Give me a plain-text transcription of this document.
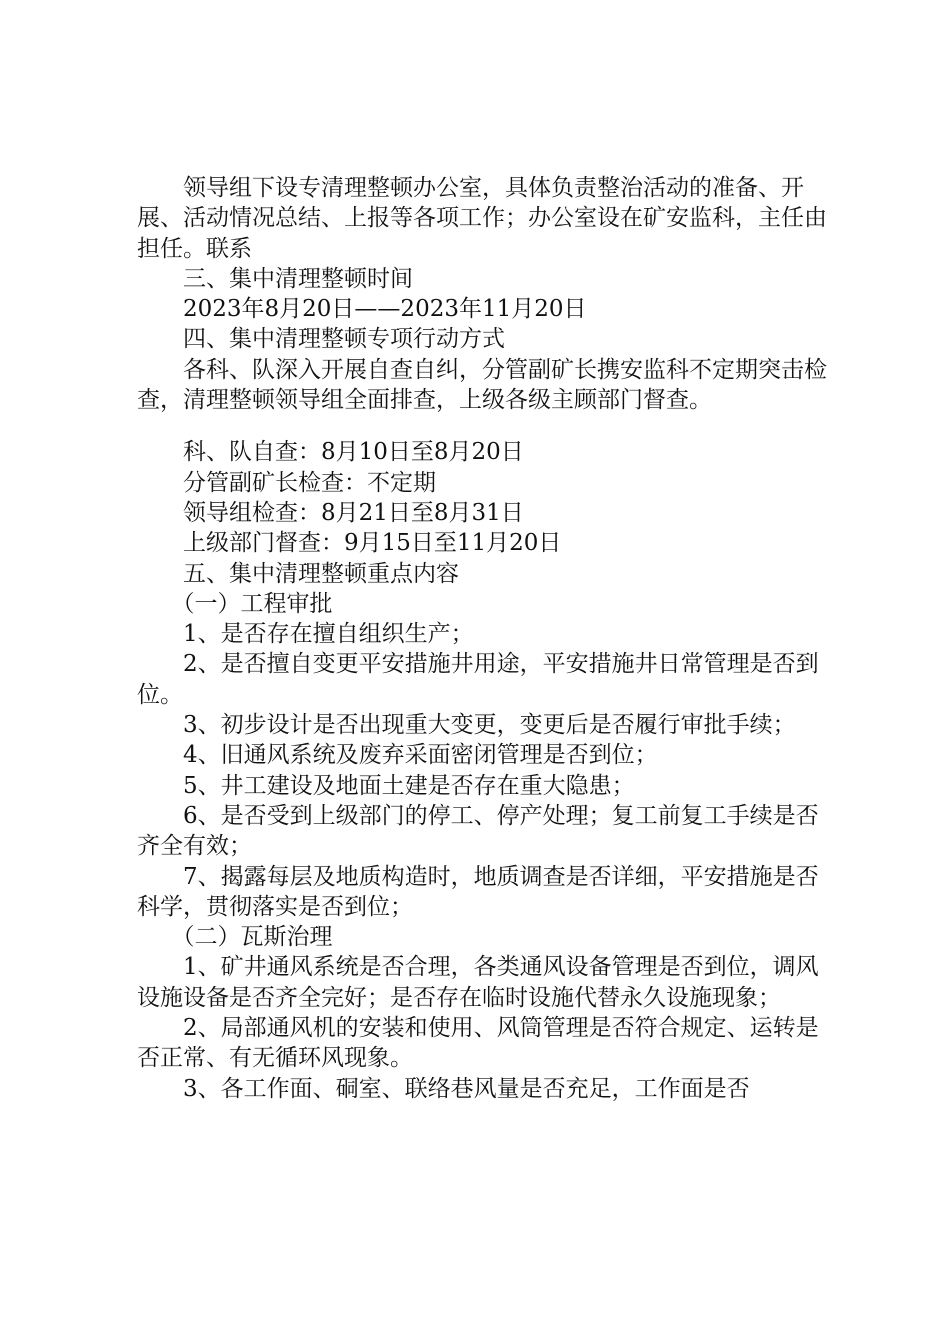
领导组下设专清理整顿办公室，具体负责整治活动的准备、开展、活动情况总结、上报等各项工作；办公室设在矿安监科，主任由担任。联系

三、集中清理整顿时间

2023年8月20日——2023年11月20日

四、集中清理整顿专项行动方式

各科、队深入开展自查自纠，分管副矿长携安监科不定期突击检查，清理整顿领导组全面排查，上级各级主顾部门督查。

科、队自查：8月10日至8月20日

分管副矿长检查：不定期

领导组检查：8月21日至8月31日

上级部门督查：9月15日至11月20日

五、集中清理整顿重点内容

（一）工程审批

1、是否存在擅自组织生产；

2、是否擅自变更平安措施井用途，平安措施井日常管理是否到位。

3、初步设计是否出现重大变更，变更后是否履行审批手续；

4、旧通风系统及废弃采面密闭管理是否到位；

5、井工建设及地面土建是否存在重大隐患；

6、是否受到上级部门的停工、停产处理；复工前复工手续是否齐全有效；

7、揭露每层及地质构造时，地质调查是否详细，平安措施是否科学，贯彻落实是否到位；

（二）瓦斯治理

1、矿井通风系统是否合理，各类通风设备管理是否到位，调风设施设备是否齐全完好；是否存在临时设施代替永久设施现象；

2、局部通风机的安装和使用、风筒管理是否符合规定、运转是否正常、有无循环风现象。

3、各工作面、硐室、联络巷风量是否充足，工作面是否
